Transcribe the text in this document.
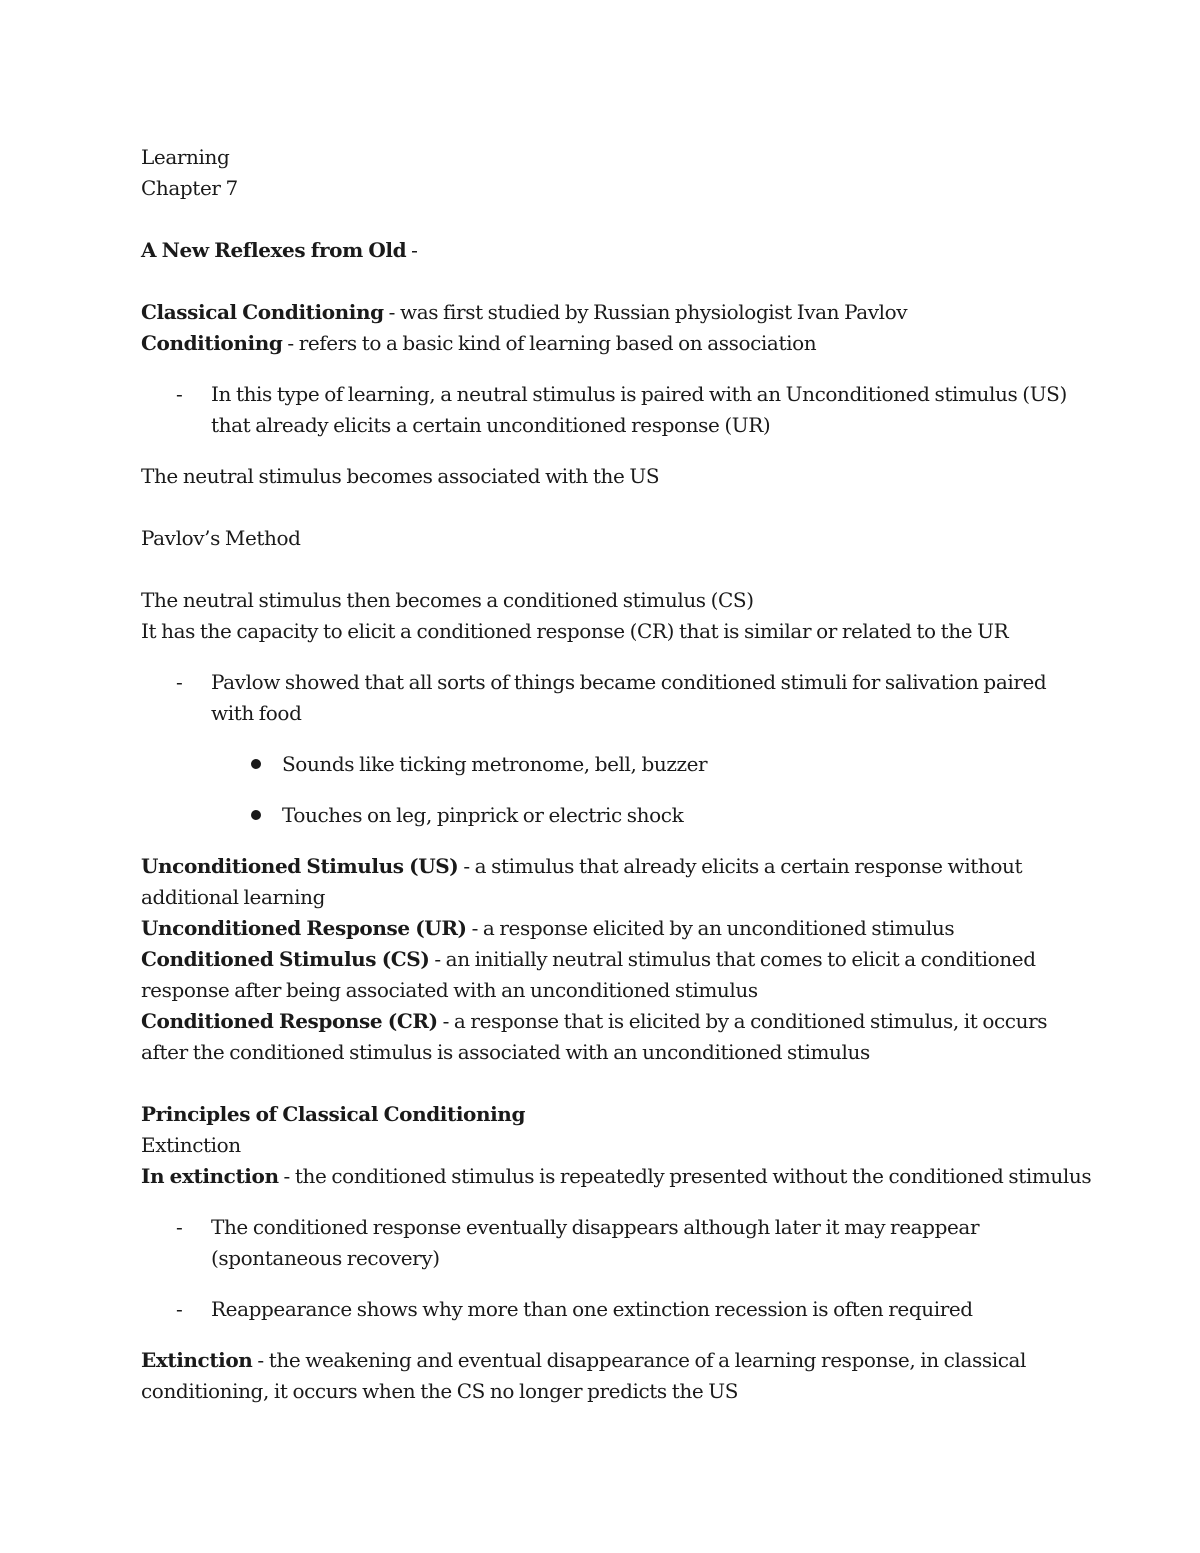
Learning

Chapter 7

A New Reflexes from Old -

Classical Conditioning - was first studied by Russian physiologist Ivan Pavlov

Conditioning - refers to a basic kind of learning based on association

- In this type of learning, a neutral stimulus is paired with an Unconditioned stimulus (US) that already elicits a certain unconditioned response (UR)

The neutral stimulus becomes associated with the US

Pavlov’s Method

The neutral stimulus then becomes a conditioned stimulus (CS)

It has the capacity to elicit a conditioned response (CR) that is similar or related to the UR

- Pavlow showed that all sorts of things became conditioned stimuli for salivation paired with food

Sounds like ticking metronome, bell, buzzer

Touches on leg, pinprick or electric shock

Unconditioned Stimulus (US) - a stimulus that already elicits a certain response without additional learning

Unconditioned Response (UR) - a response elicited by an unconditioned stimulus

Conditioned Stimulus (CS) - an initially neutral stimulus that comes to elicit a conditioned response after being associated with an unconditioned stimulus

Conditioned Response (CR) - a response that is elicited by a conditioned stimulus, it occurs after the conditioned stimulus is associated with an unconditioned stimulus

Principles of Classical Conditioning

Extinction

In extinction - the conditioned stimulus is repeatedly presented without the conditioned stimulus

- The conditioned response eventually disappears although later it may reappear (spontaneous recovery)

- Reappearance shows why more than one extinction recession is often required

Extinction - the weakening and eventual disappearance of a learning response, in classical conditioning, it occurs when the CS no longer predicts the US
